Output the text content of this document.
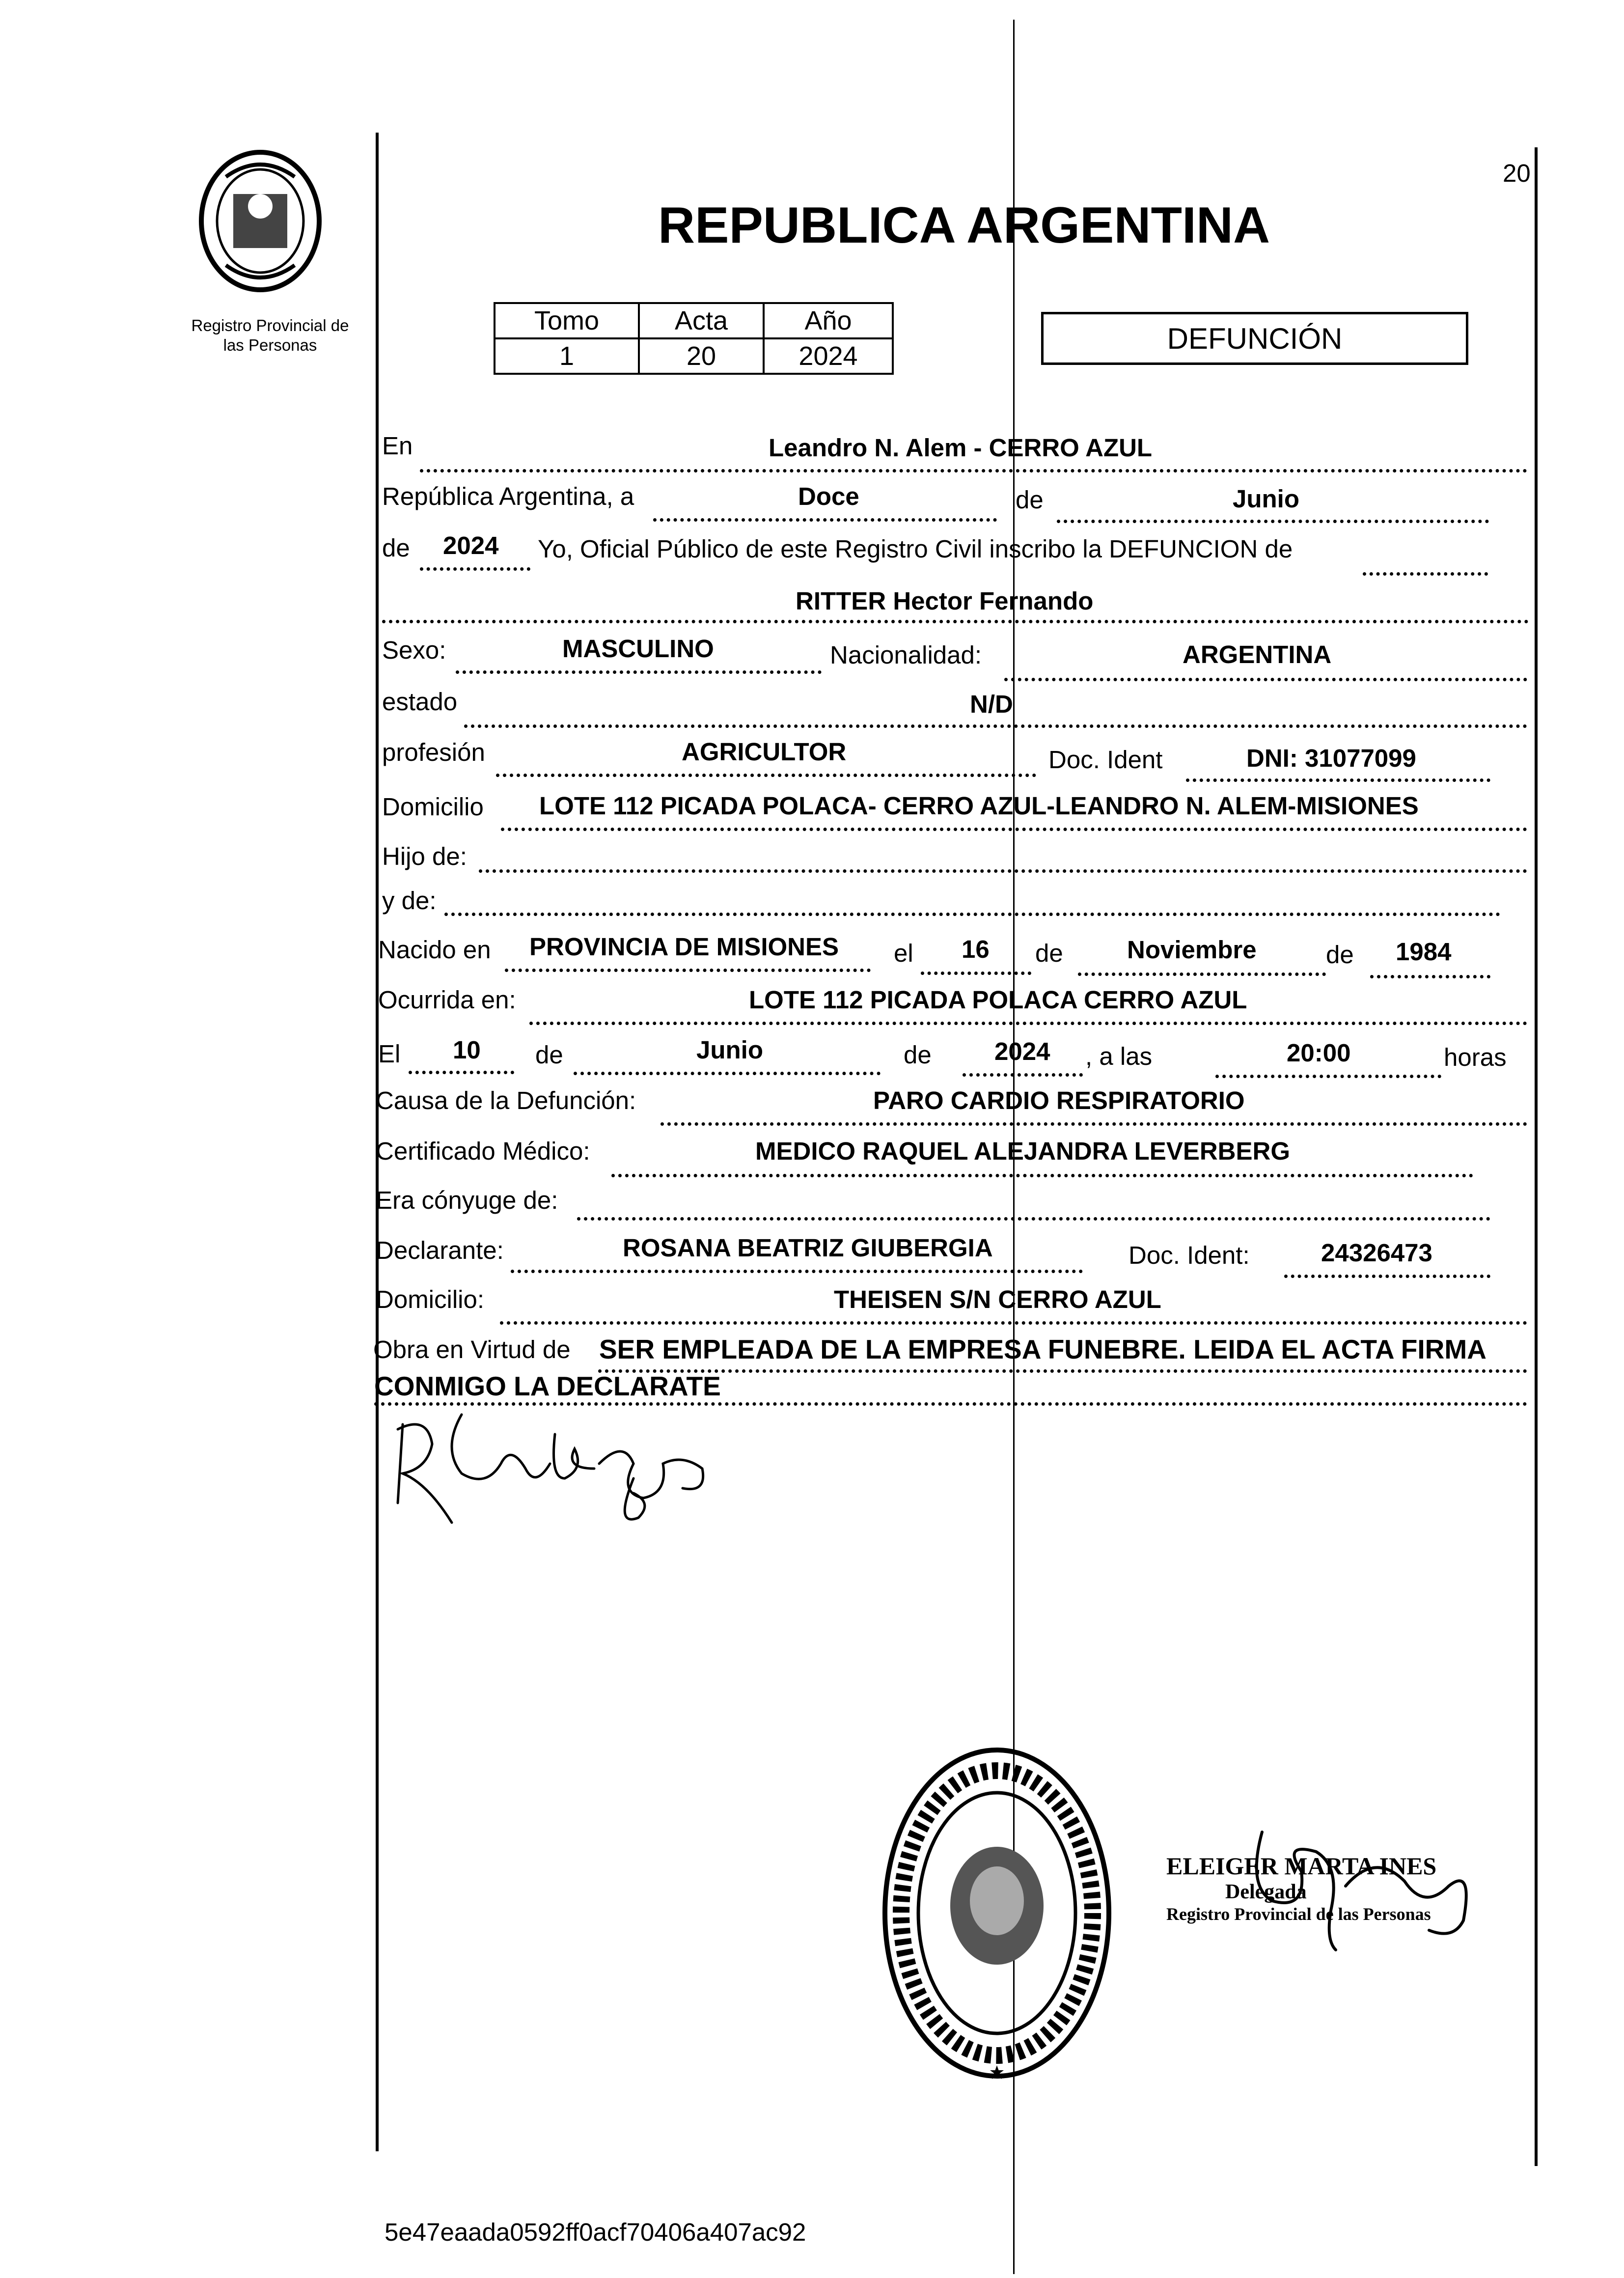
20
Registro Provincial de
las Personas
REPUBLICA ARGENTINA
Tomo	Acta	Año
1	20	2024
DEFUNCIÓN
En	Leandro N. Alem - CERRO AZUL
República Argentina, a	Doce	de	Junio
de 2024 Yo, Oficial Público de este Registro Civil inscribo la DEFUNCION de
RITTER Hector Fernando
Sexo:	MASCULINO	Nacionalidad:	ARGENTINA
estado	N/D
profesión	AGRICULTOR	Doc. Ident	DNI: 31077099
Domicilio LOTE 112 PICADA POLACA- CERRO AZUL-LEANDRO N. ALEM-MISIONES
Hijo de:
y de:
Nacido en PROVINCIA DE MISIONES el 16 de	Noviembre	de 1984
Ocurrida en:	LOTE 112 PICADA POLACA CERRO AZUL
El 10 de	Junio	de	2024 , a las	20:00	horas
Causa de la Defunción:	PARO CARDIO RESPIRATORIO
Certificado Médico:	MEDICO RAQUEL ALEJANDRA LEVERBERG
Era cónyuge de:
Declarante:	ROSANA BEATRIZ GIUBERGIA	Doc. Ident:	24326473
Domicilio:	THEISEN S/N CERRO AZUL
Obra en Virtud de SER EMPLEADA DE LA EMPRESA FUNEBRE. LEIDA EL ACTA FIRMA
CONMIGO LA DECLARATE
ELEIGER MARTA INES
Delegada
Registro Provincial de las Personas
5e47eaada0592ff0acf70406a407ac92
